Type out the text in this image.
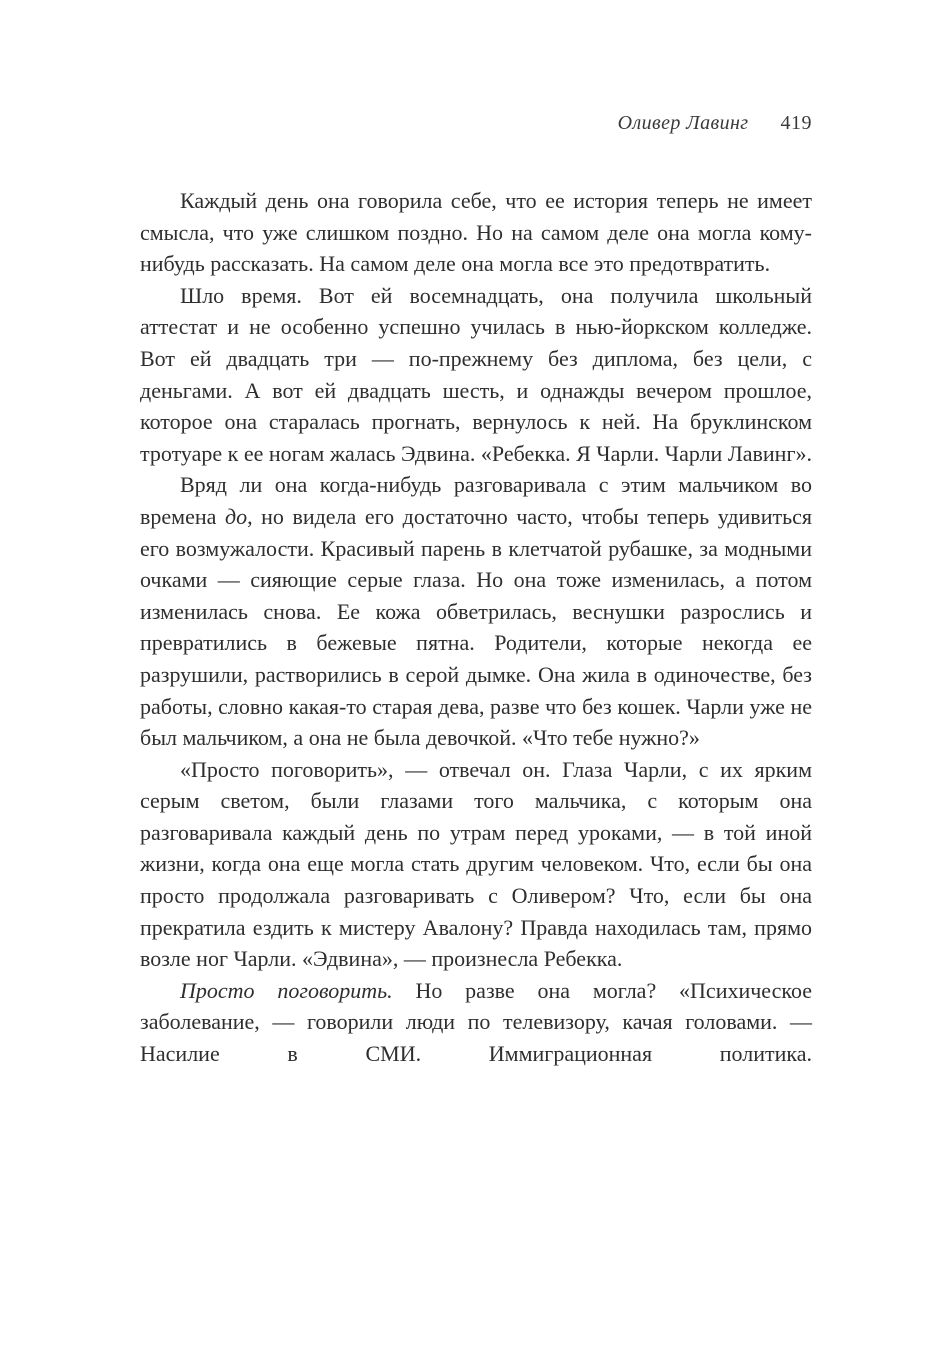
Оливер Лавинг 419

Каждый день она говорила себе, что ее история теперь не имеет смысла, что уже слишком поздно. Но на самом деле она могла кому-нибудь рассказать. На самом деле она могла все это предотвратить.

Шло время. Вот ей восемнадцать, она получила школьный аттестат и не особенно успешно училась в нью-йоркском колледже. Вот ей двадцать три — по-прежнему без диплома, без цели, с деньгами. А вот ей двадцать шесть, и однажды вечером прошлое, которое она старалась прогнать, вернулось к ней. На бруклинском тротуаре к ее ногам жалась Эдвина. «Ребекка. Я Чарли. Чарли Лавинг».

Вряд ли она когда-нибудь разговаривала с этим мальчиком во времена до, но видела его достаточно часто, чтобы теперь удивиться его возмужалости. Красивый парень в клетчатой рубашке, за модными очками — сияющие серые глаза. Но она тоже изменилась, а потом изменилась снова. Ее кожа обветрилась, веснушки разрослись и превратились в бежевые пятна. Родители, которые некогда ее разрушили, растворились в серой дымке. Она жила в одиночестве, без работы, словно какая-то старая дева, разве что без кошек. Чарли уже не был мальчиком, а она не была девочкой. «Что тебе нужно?»

«Просто поговорить», — отвечал он. Глаза Чарли, с их ярким серым светом, были глазами того мальчика, с которым она разговаривала каждый день по утрам перед уроками, — в той иной жизни, когда она еще могла стать другим человеком. Что, если бы она просто продолжала разговаривать с Оливером? Что, если бы она прекратила ездить к мистеру Авалону? Правда находилась там, прямо возле ног Чарли. «Эдвина», — произнесла Ребекка.

Просто поговорить. Но разве она могла? «Психическое заболевание, — говорили люди по телевизору, качая головами. — Насилие в СМИ. Иммиграционная политика.
